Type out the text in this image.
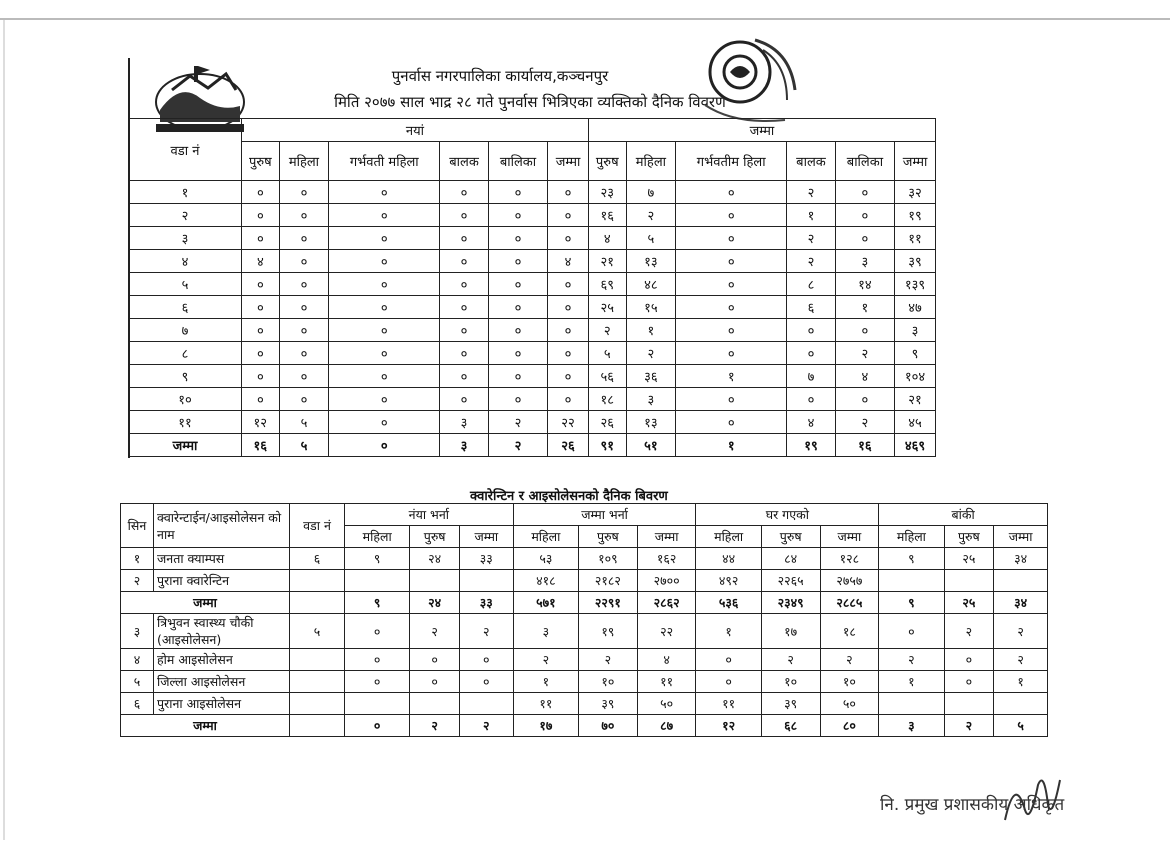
पुनर्वास नगरपालिका कार्यालय,कञ्चनपुर
मिति २०७७ साल भाद्र २८ गते पुनर्वास भित्रिएका व्यक्तिको दैनिक विवरण
वडा नं	नयां						जम्मा					
	पुरुष	महिला	गर्भवती महिला	बालक	बालिका	जम्मा	पुरुष	महिला	गर्भवतीम हिला	बालक	बालिका	जम्मा
१	०	०	०	०	०	०	२३	७	०	२	०	३२
२	०	०	०	०	०	०	१६	२	०	१	०	१९
३	०	०	०	०	०	०	४	५	०	२	०	११
४	४	०	०	०	०	४	२१	१३	०	२	३	३९
५	०	०	०	०	०	०	६९	४८	०	८	१४	१३९
६	०	०	०	०	०	०	२५	१५	०	६	१	४७
७	०	०	०	०	०	०	२	१	०	०	०	३
८	०	०	०	०	०	०	५	२	०	०	२	९
९	०	०	०	०	०	०	५६	३६	१	७	४	१०४
१०	०	०	०	०	०	०	१८	३	०	०	०	२१
११	१२	५	०	३	२	२२	२६	१३	०	४	२	४५
जम्मा	१६	५	०	३	२	२६	९१	५१	१	१९	१६	४६९
क्वारेन्टिन र आइसोलेसनको दैनिक बिवरण
सिन	क्वारेन्टाईन/आइसोलेसन को नाम	वडा नं	नंया भर्ना			जम्मा भर्ना			घर गएको			बांकी		
			महिला	पुरुष	जम्मा	महिला	पुरुष	जम्मा	महिला	पुरुष	जम्मा	महिला	पुरुष	जम्मा
१	जनता क्याम्पस	६	९	२४	३३	५३	१०९	१६२	४४	८४	१२८	९	२५	३४
२	पुराना क्वारेन्टिन					४१८	२१८२	२७००	४९२	२२६५	२७५७			
जम्मा			९	२४	३३	५७१	२२९१	२८६२	५३६	२३४९	२८८५	९	२५	३४
३	त्रिभुवन स्वास्थ्य चौकी (आइसोलेसन)	५	०	२	२	३	१९	२२	१	१७	१८	०	२	२
४	होम आइसोलेसन		०	०	०	२	२	४	०	२	२	२	०	२
५	जिल्ला आइसोलेसन		०	०	०	१	१०	११	०	१०	१०	१	०	१
६	पुराना आइसोलेसन					११	३९	५०	११	३९	५०			
जम्मा			०	२	२	१७	७०	८७	१२	६८	८०	३	२	५
नि. प्रमुख प्रशासकीय अधिकृत
